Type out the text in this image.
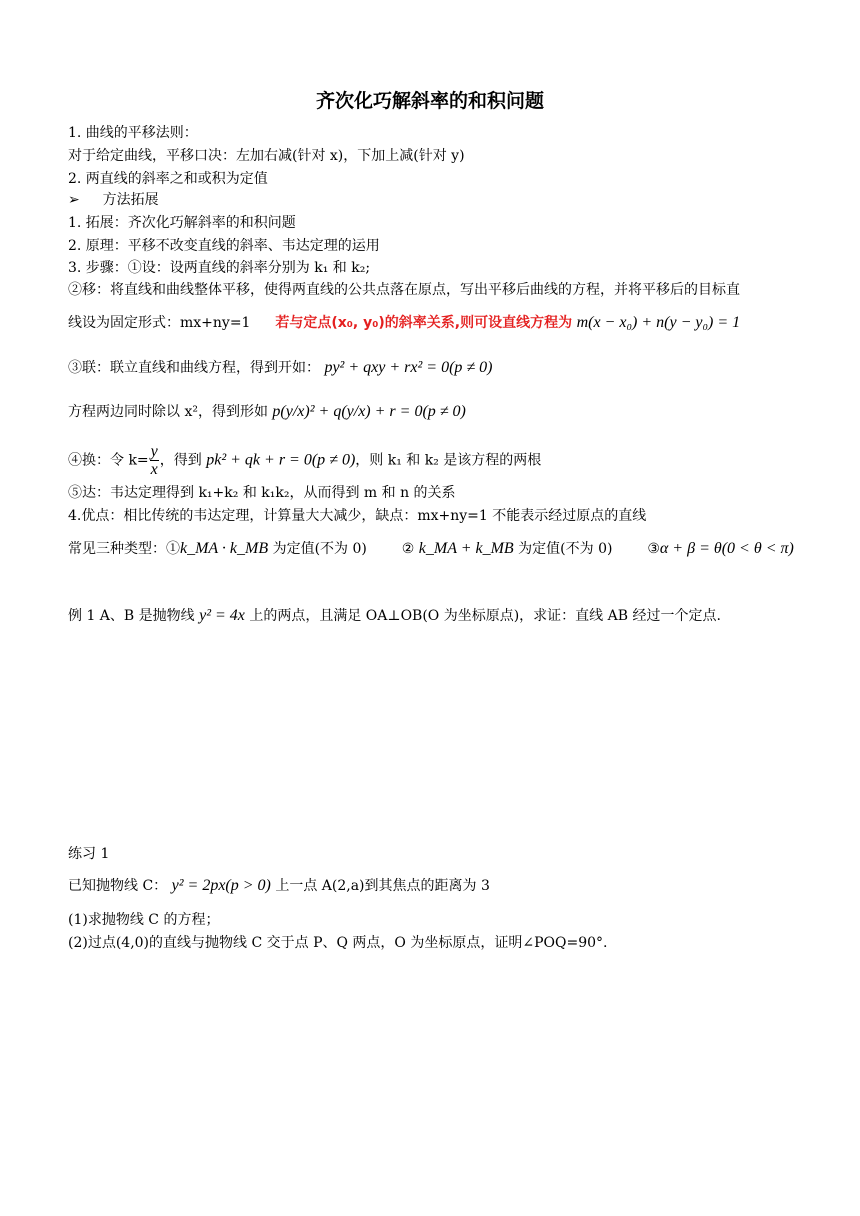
齐次化巧解斜率的和积问题
1. 曲线的平移法则：
对于给定曲线，平移口决：左加右减(针对 x)，下加上减(针对 y)
2. 两直线的斜率之和或积为定值
➢ 方法拓展
1. 拓展：齐次化巧解斜率的和积问题
2. 原理：平移不改变直线的斜率、韦达定理的运用
3. 步骤：①设：设两直线的斜率分别为 k₁ 和 k₂;
②移：将直线和曲线整体平移，使得两直线的公共点落在原点，写出平移后曲线的方程，并将平移后的目标直
线设为固定形式：mx+ny=1 若与定点(x₀, y₀)的斜率关系,则可设直线方程为 m(x − x₀) + n(y − y₀) = 1
③联：联立直线和曲线方程，得到开如： py² + qxy + rx² = 0(p ≠ 0)
方程两边同时除以 x²，得到形如 p(y/x)² + q(y/x) + r = 0(p ≠ 0)
④换：令 $k= \frac{y}{x}$ ，得到 pk² + qk + r = 0(p ≠ 0)，则 k₁ 和 k₂ 是该方程的两根
⑤达：韦达定理得到 k₁+k₂ 和 k₁k₂，从而得到 m 和 n 的关系
4.优点：相比传统的韦达定理，计算量大大减少，缺点：mx+ny=1 不能表示经过原点的直线
常见三种类型：①k_MA · k_MB 为定值(不为 0) ② k_MA + k_MB 为定值(不为 0) ③α + β = θ(0 < θ < π)
例 1 A、B 是抛物线 y² = 4x 上的两点，且满足 OA⊥OB(O 为坐标原点)，求证：直线 AB 经过一个定点.
练习 1
已知抛物线 C： y² = 2px(p > 0) 上一点 A(2,a)到其焦点的距离为 3
(1)求抛物线 C 的方程；
(2)过点(4,0)的直线与抛物线 C 交于点 P、Q 两点，O 为坐标原点，证明∠POQ=90°.
